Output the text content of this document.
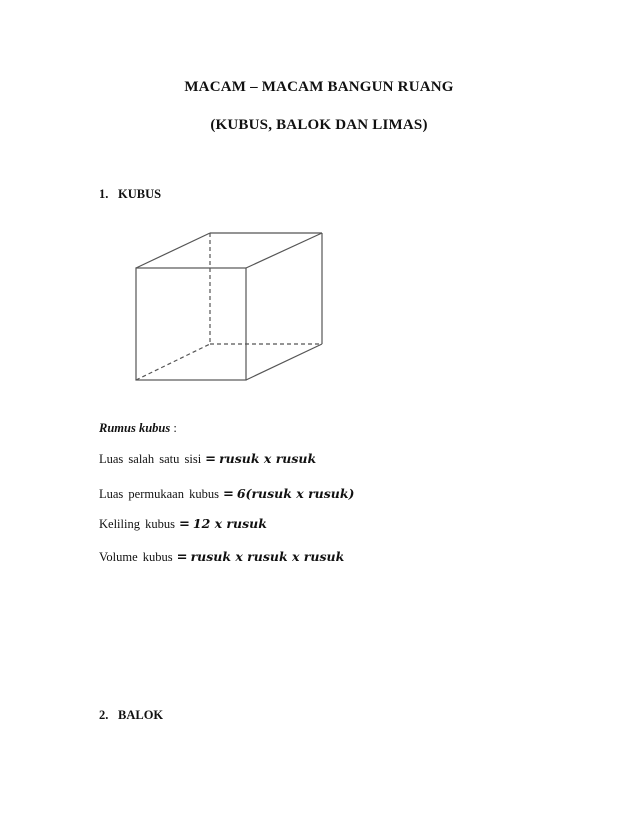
MACAM – MACAM BANGUN RUANG
(KUBUS, BALOK DAN LIMAS)
1. KUBUS
Rumus kubus :
Luas salah satu sisi = rusuk x rusuk
Luas permukaan kubus = 6(rusuk x rusuk)
Keliling kubus = 12 x rusuk
Volume kubus = rusuk x rusuk x rusuk
2. BALOK
